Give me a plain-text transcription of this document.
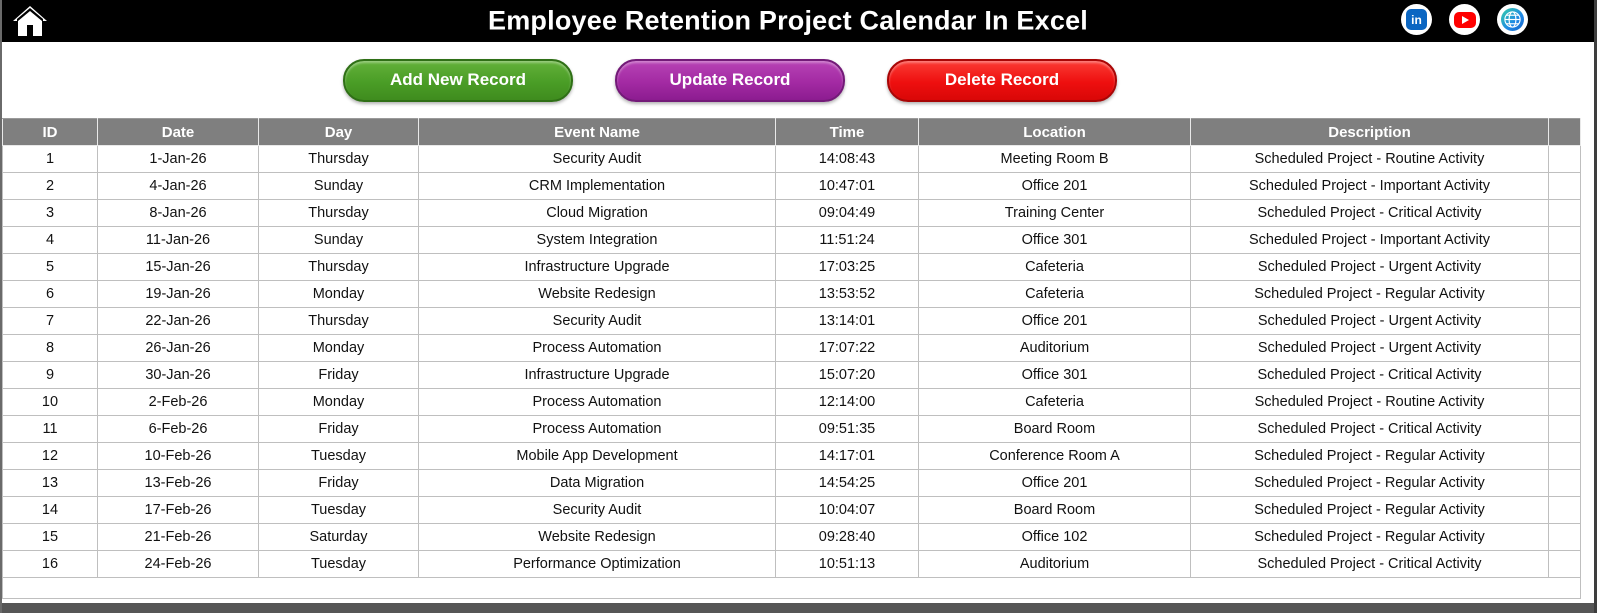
Employee Retention Project Calendar In Excel	in
Add New Record	Update Record	Delete Record
ID	Date	Day	Event Name	Time	Location	Description	
1	1-Jan-26	Thursday	Security Audit	14:08:43	Meeting Room B	Scheduled Project - Routine Activity	
2	4-Jan-26	Sunday	CRM Implementation	10:47:01	Office 201	Scheduled Project - Important Activity	
3	8-Jan-26	Thursday	Cloud Migration	09:04:49	Training Center	Scheduled Project - Critical Activity	
4	11-Jan-26	Sunday	System Integration	11:51:24	Office 301	Scheduled Project - Important Activity	
5	15-Jan-26	Thursday	Infrastructure Upgrade	17:03:25	Cafeteria	Scheduled Project - Urgent Activity	
6	19-Jan-26	Monday	Website Redesign	13:53:52	Cafeteria	Scheduled Project - Regular Activity	
7	22-Jan-26	Thursday	Security Audit	13:14:01	Office 201	Scheduled Project - Urgent Activity	
8	26-Jan-26	Monday	Process Automation	17:07:22	Auditorium	Scheduled Project - Urgent Activity	
9	30-Jan-26	Friday	Infrastructure Upgrade	15:07:20	Office 301	Scheduled Project - Critical Activity	
10	2-Feb-26	Monday	Process Automation	12:14:00	Cafeteria	Scheduled Project - Routine Activity	
11	6-Feb-26	Friday	Process Automation	09:51:35	Board Room	Scheduled Project - Critical Activity	
12	10-Feb-26	Tuesday	Mobile App Development	14:17:01	Conference Room A	Scheduled Project - Regular Activity	
13	13-Feb-26	Friday	Data Migration	14:54:25	Office 201	Scheduled Project - Regular Activity	
14	17-Feb-26	Tuesday	Security Audit	10:04:07	Board Room	Scheduled Project - Regular Activity	
15	21-Feb-26	Saturday	Website Redesign	09:28:40	Office 102	Scheduled Project - Regular Activity	
16	24-Feb-26	Tuesday	Performance Optimization	10:51:13	Auditorium	Scheduled Project - Critical Activity	
